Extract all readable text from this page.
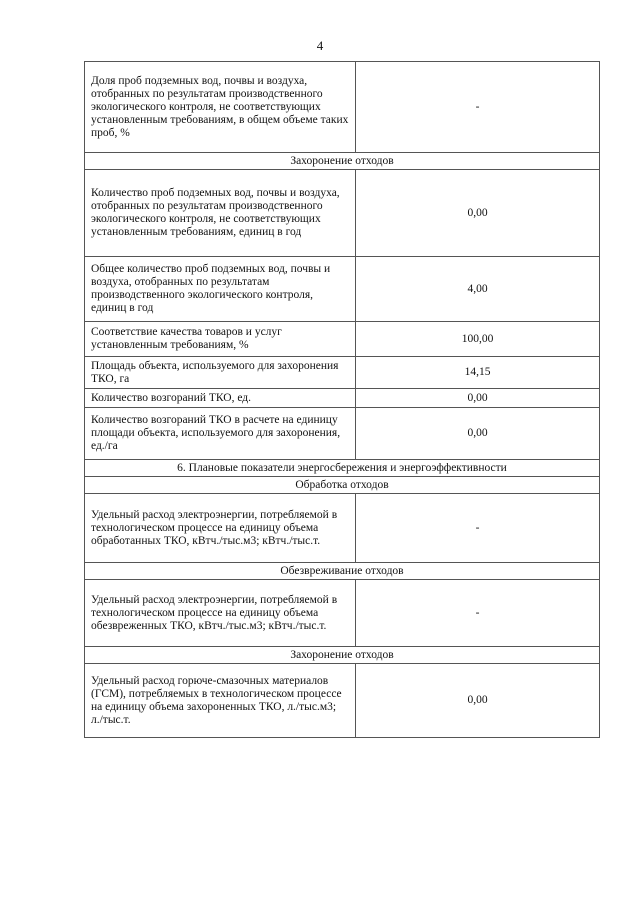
4
Доля проб подземных вод, почвы и воздуха, отобранных по результатам производственного экологического контроля, не соответствующих установленным требованиям, в общем объеме таких проб, %	-
Захоронение отходов	
Количество проб подземных вод, почвы и воздуха, отобранных по результатам производственного экологического контроля, не соответствующих установленным требованиям, единиц в год	0,00
Общее количество проб подземных вод, почвы и воздуха, отобранных по результатам производственного экологического контроля, единиц в год	4,00
Соответствие качества товаров и услуг установленным требованиям, %	100,00
Площадь объекта, используемого для захоронения ТКО, га	14,15
Количество возгораний ТКО, ед.	0,00
Количество возгораний ТКО в расчете на единицу площади объекта, используемого для захоронения, ед./га	0,00
6. Плановые показатели энергосбережения и энергоэффективности	
Обработка отходов	
Удельный расход электроэнергии, потребляемой в технологическом процессе на единицу объема обработанных ТКО, кВтч./тыс.м3; кВтч./тыс.т.	-
Обезвреживание отходов	
Удельный расход электроэнергии, потребляемой в технологическом процессе на единицу объема обезвреженных ТКО, кВтч./тыс.м3; кВтч./тыс.т.	-
Захоронение отходов	
Удельный расход горюче-смазочных материалов (ГСМ), потребляемых в технологическом процессе на единицу объема захороненных ТКО, л./тыс.м3; л./тыс.т.	0,00
